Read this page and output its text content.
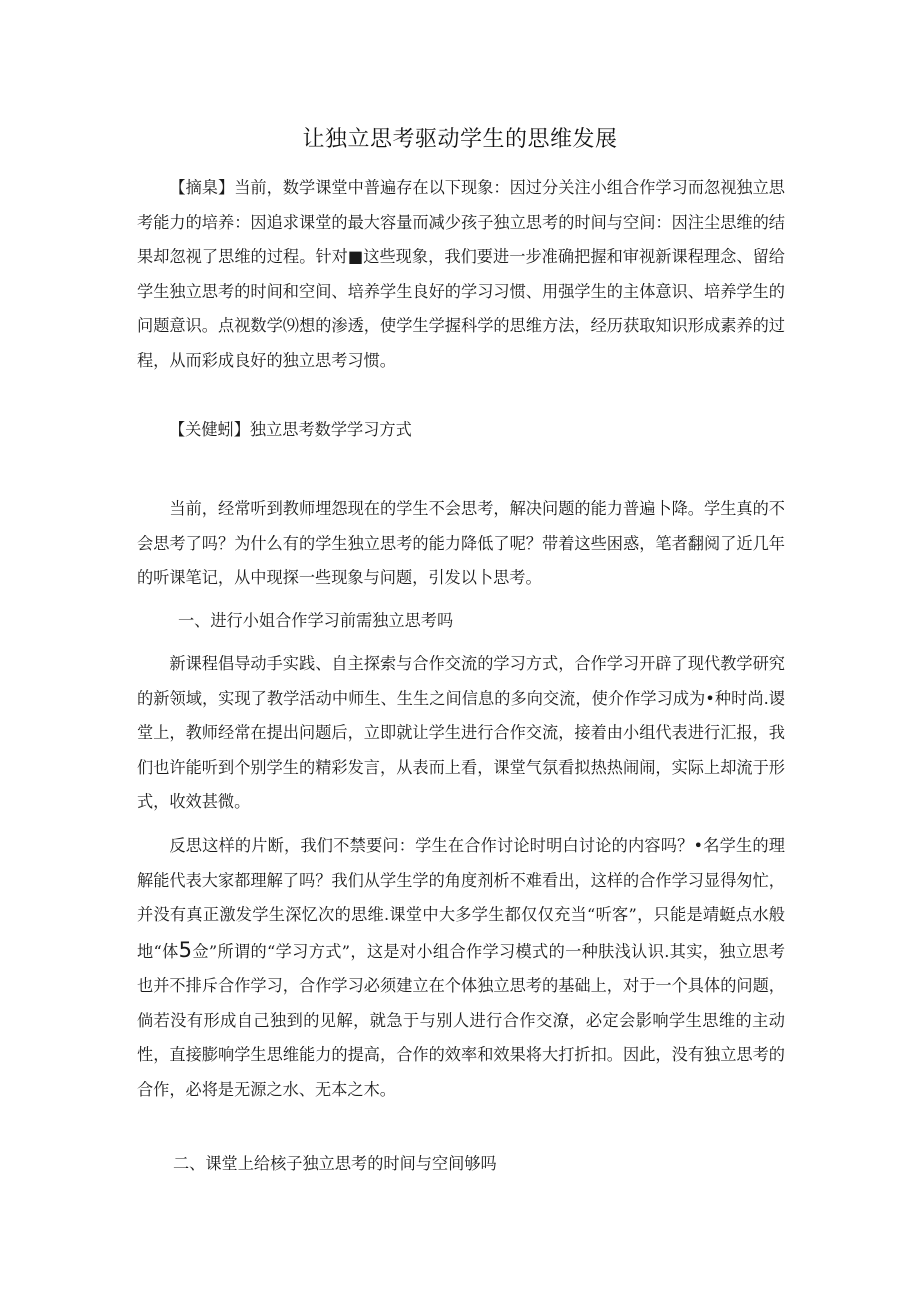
让独立思考驱动学生的思维发展
【摘臬】当前，数学课堂中普遍存在以下现象：因过分关注小组合作学习而忽视独立思考能力的培养：因追求课堂的最大容量而减少孩子独立思考的时间与空间：因注尘思维的结果却忽视了思维的过程。针对■这些现象，我们要进一步准确把握和审视新课程理念、留给学生独立思考的时间和空间、培养学生良好的学习习惯、用强学生的主体意识、培养学生的问题意识。点视数学⑼想的渗透，使学生学握科学的思维方法，经历获取知识形成素养的过程，从而彩成良好的独立思考习惯。
【关健蚓】独立思考数学学习方式
当前，经常听到教师埋怨现在的学生不会思考，解决问题的能力普遍卜降。学生真的不会思考了吗？为什么有的学生独立思考的能力降低了呢？带着这些困惑，笔者翻阅了近几年的听课笔记，从中现探一些现象与问题，引发以卜思考。
一、进行小姐合作学习前需独立思考吗
新课程倡导动手实践、自主探索与合作交流的学习方式，合作学习开辟了现代教学研究的新领域，实现了教学活动中师生、生生之间信息的多向交流，使介作学习成为•种时尚.谡堂上，教师经常在提出问题后，立即就让学生进行合作交流，接着由小组代表进行汇报，我们也许能听到个别学生的精彩发言，从表而上看，课堂气氛看拟热热闹闹，实际上却流于形式，收效甚微。
反思这样的片断，我们不禁要问：学生在合作讨论时明白讨论的内容吗？•名学生的理解能代表大家都理解了吗？我们从学生学的角度剂析不难看出，这样的合作学习显得匆忙，并没有真正激发学生深忆次的思维.课堂中大多学生都仅仅充当“听客”，只能是靖蜓点水般地“体5佥”所谓的“学习方式”，这是对小组合作学习模式的一种肤浅认识.其实，独立思考也并不排斥合作学习，合作学习必须建立在个体独立思考的基础上，对于一个具体的问题，倘若没有形成自己独到的见解，就急于与别人进行合作交潦，必定会影响学生思维的主动性，直接膨响学生思维能力的提高，合作的效率和效果将大打折扣。因此，没有独立思考的合作，必将是无源之水、无本之木。
二、课堂上给核子独立思考的时间与空间够吗
